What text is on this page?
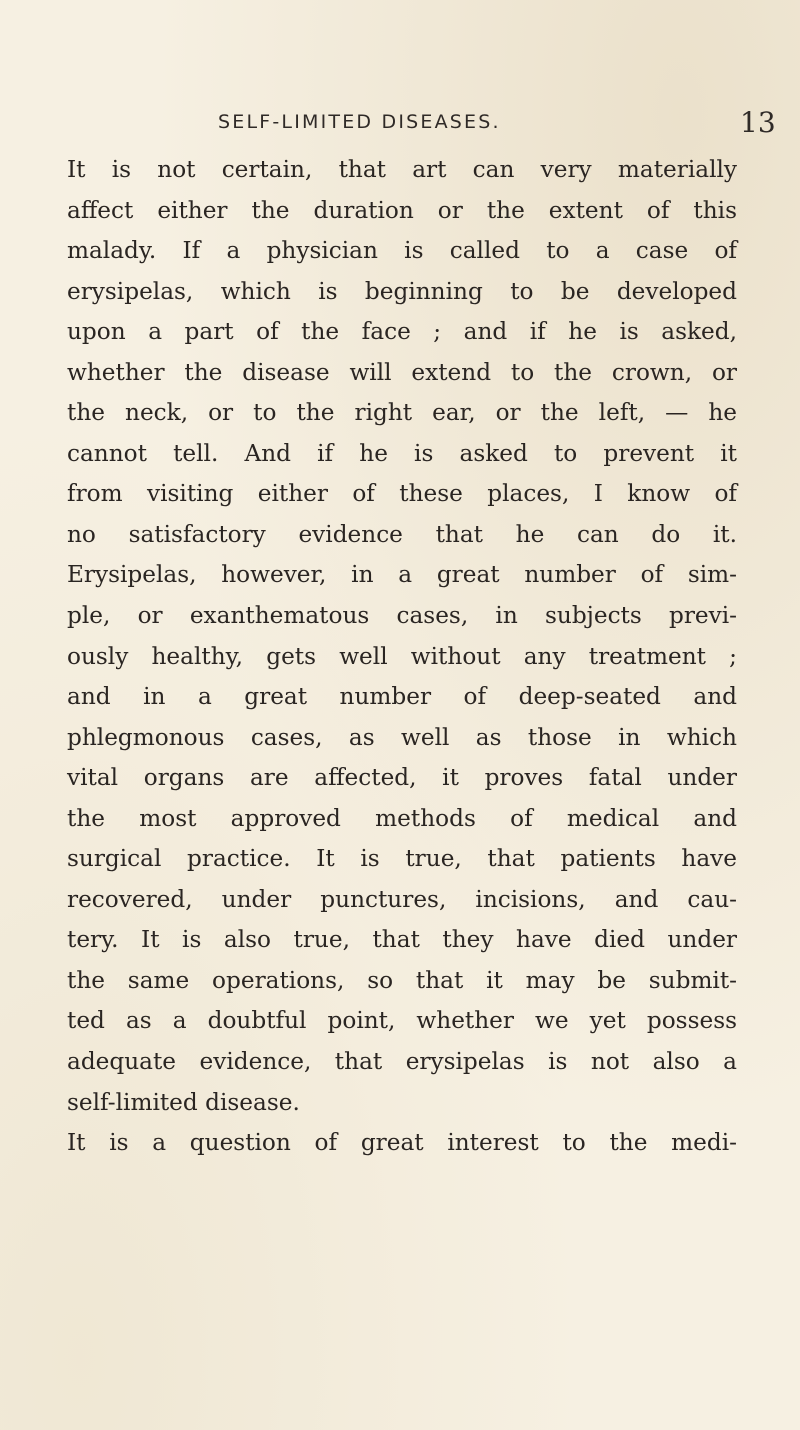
SELF-LIMITED DISEASES.	13
It is not certain, that art can very materially
affect either the duration or the extent of this
malady. If a physician is called to a case of
erysipelas, which is beginning to be developed
upon a part of the face ; and if he is asked,
whether the disease will extend to the crown, or
the neck, or to the right ear, or the left, — he
cannot tell. And if he is asked to prevent it
from visiting either of these places, I know of
no satisfactory evidence that he can do it.
Erysipelas, however, in a great number of sim-
ple, or exanthematous cases, in subjects previ-
ously healthy, gets well without any treatment ;
and in a great number of deep-seated and
phlegmonous cases, as well as those in which
vital organs are affected, it proves fatal under
the most approved methods of medical and
surgical practice. It is true, that patients have
recovered, under punctures, incisions, and cau-
tery. It is also true, that they have died under
the same operations, so that it may be submit-
ted as a doubtful point, whether we yet possess
adequate evidence, that erysipelas is not also a
self-limited disease.
It is a question of great interest to the medi-
